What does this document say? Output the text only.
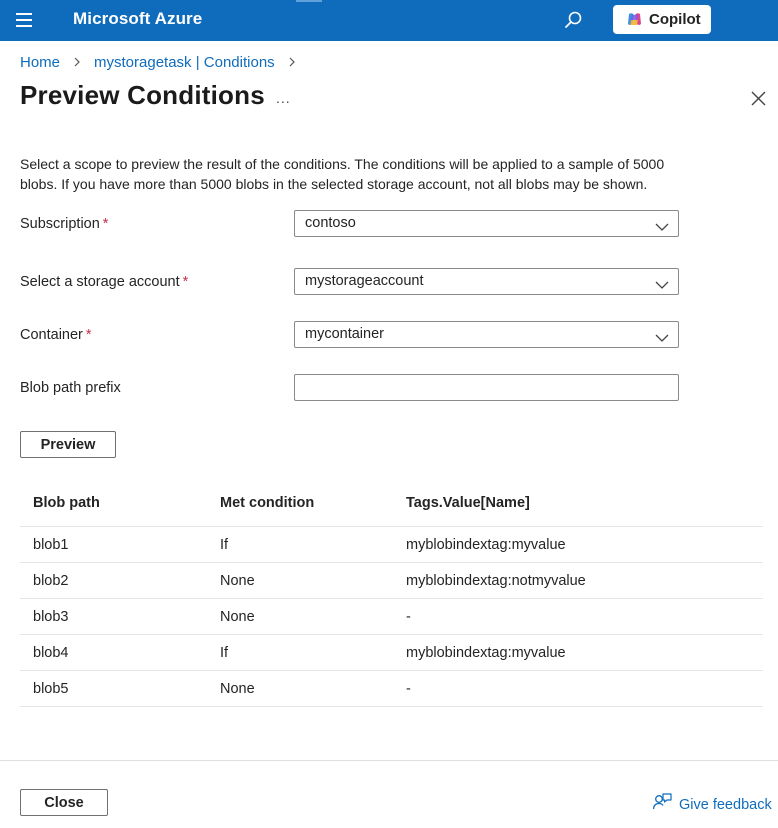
Microsoft Azure	Copilot
Home mystoragetask | Conditions
Preview Conditions ...
Select a scope to preview the result of the conditions. The conditions will be applied to a sample of 5000 blobs. If you have more than 5000 blobs in the selected storage account, not all blobs may be shown.
Subscription *	contoso
Select a storage account *	mystorageaccount
Container *	mycontainer
Blob path prefix
Preview
Blob path	Met condition	Tags.Value[Name]
blob1	If	myblobindextag:myvalue
blob2	None	myblobindextag:notmyvalue
blob3	None	-
blob4	If	myblobindextag:myvalue
blob5	None	-
Close	Give feedback
